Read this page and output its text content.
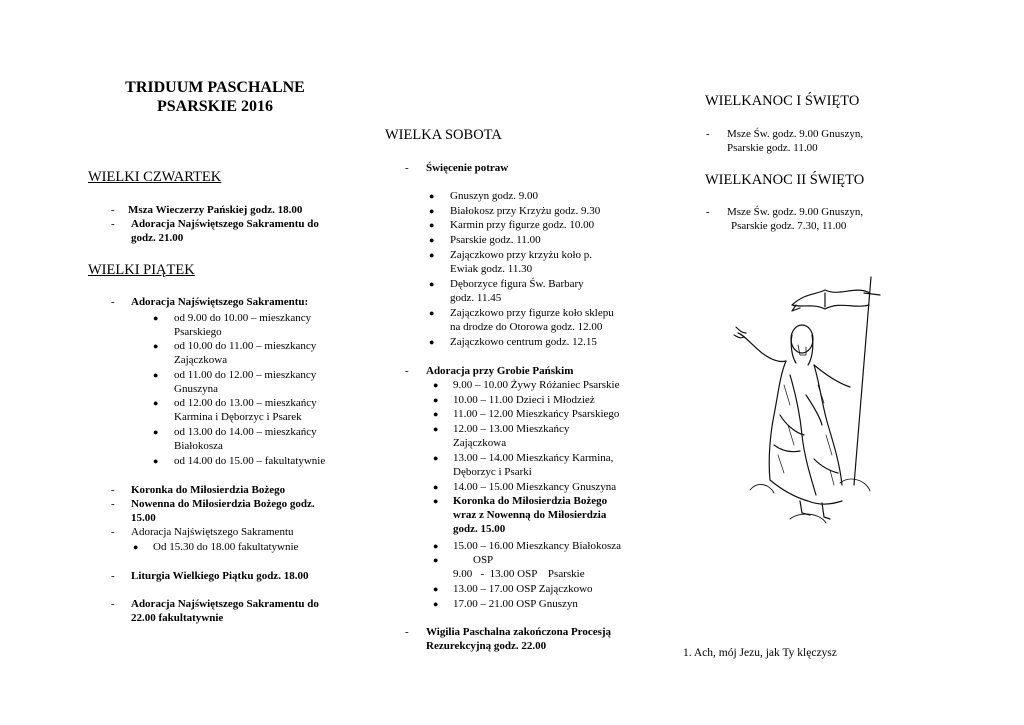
TRIDUUM PASCHALNE
PSARSKIE 2016
WIELKI CZWARTEK
- Msza Wieczerzy Pańskiej godz. 18.00
- Adoracja Najświętszego Sakramentu do
godz. 21.00
WIELKI PIĄTEK
- Adoracja Najświętszego Sakramentu:
● od 9.00 do 10.00 – mieszkancy
Psarskiego
● od 10.00 do 11.00 – mieszkancy
Zajączkowa
● od 11.00 do 12.00 – mieszkancy
Gnuszyna
● od 12.00 do 13.00 – mieszkańcy
Karmina i Dęborzyc i Psarek
● od 13.00 do 14.00 – mieszkańcy
Białokosza
● od 14.00 do 15.00 – fakultatywnie
- Koronka do Miłosierdzia Bożego
- Nowenna do Miłosierdzia Bożego godz.
15.00
- Adoracja Najświętszego Sakramentu
● Od 15.30 do 18.00 fakultatywnie
- Liturgia Wielkiego Piątku godz. 18.00
- Adoracja Najświętszego Sakramentu do
22.00 fakultatywnie
WIELKA SOBOTA
- Święcenie potraw
● Gnuszyn godz. 9.00
● Białokosz przy Krzyżu godz. 9.30
● Karmin przy figurze godz. 10.00
● Psarskie godz. 11.00
● Zajączkowo przy krzyżu koło p.
Ewiak godz. 11.30
● Dęborzyce figura Św. Barbary
godz. 11.45
● Zajączkowo przy figurze koło sklepu
na drodze do Otorowa godz. 12.00
● Zajączkowo centrum godz. 12.15
- Adoracja przy Grobie Pańskim
● 9.00 – 10.00 Żywy Różaniec Psarskie
● 10.00 – 11.00 Dzieci i Młodzież
● 11.00 – 12.00 Mieszkańcy Psarskiego
● 12.00 – 13.00 Mieszkańcy
Zajączkowa
● 13.00 – 14.00 Mieszkańcy Karmina,
Dęborzyc i Psarki
● 14.00 – 15.00 Mieszkancy Gnuszyna
● Koronka do Miłosierdzia Bożego
wraz z Nowenną do Miłosierdzia
godz. 15.00
● 15.00 – 16.00 Mieszkancy Białokosza
●	OSP
9.00   -  13.00 OSP    Psarskie
● 13.00 – 17.00 OSP Zajączkowo
● 17.00 – 21.00 OSP Gnuszyn
- Wigilia Paschalna zakończona Procesją
Rezurekcyjną godz. 22.00
WIELKANOC I ŚWIĘTO
- Msze Św. godz. 9.00 Gnuszyn,
Psarskie godz. 11.00
WIELKANOC II ŚWIĘTO
- Msze Św. godz. 9.00 Gnuszyn,
Psarskie godz. 7.30, 11.00
1. Ach, mój Jezu, jak Ty klęczysz
